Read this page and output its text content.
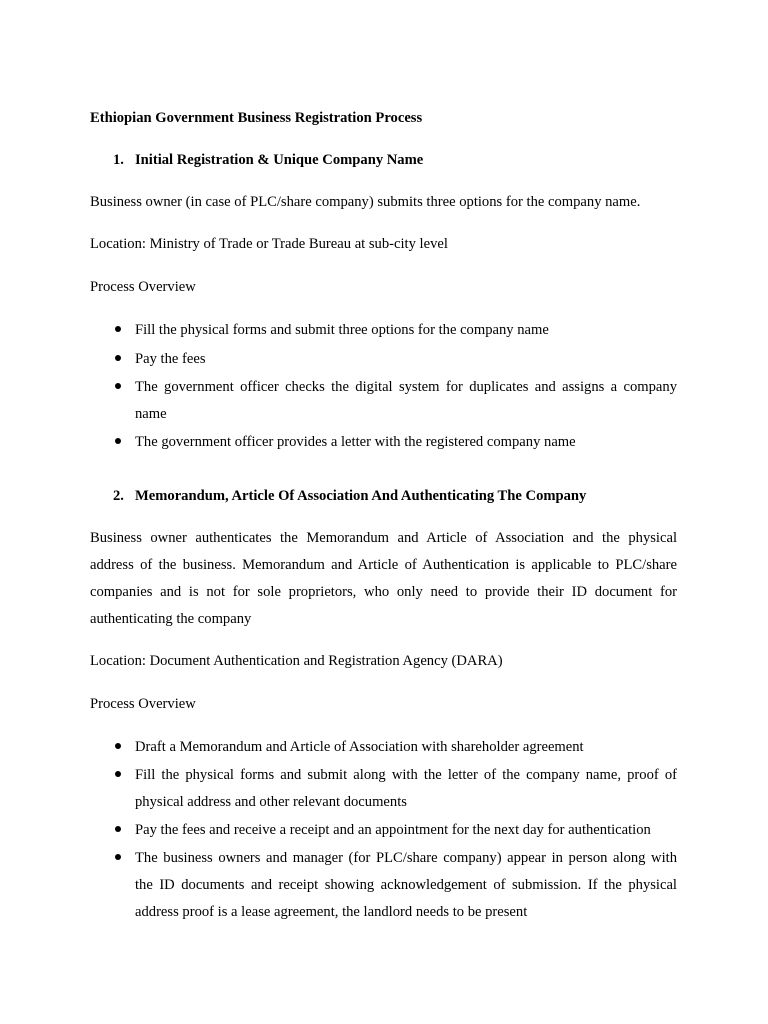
Ethiopian Government Business Registration Process
1. Initial Registration & Unique Company Name
Business owner (in case of PLC/share company) submits three options for the company name.
Location: Ministry of Trade or Trade Bureau at sub-city level
Process Overview
Fill the physical forms and submit three options for the company name
Pay the fees
The government officer checks the digital system for duplicates and assigns a company
name
The government officer provides a letter with the registered company name
2. Memorandum, Article Of Association And Authenticating The Company
Business owner authenticates the Memorandum and Article of Association and the physical
address of the business. Memorandum and Article of Authentication is applicable to PLC/share
companies and is not for sole proprietors, who only need to provide their ID document for
authenticating the company
Location: Document Authentication and Registration Agency (DARA)
Process Overview
Draft a Memorandum and Article of Association with shareholder agreement
Fill the physical forms and submit along with the letter of the company name, proof of
physical address and other relevant documents
Pay the fees and receive a receipt and an appointment for the next day for authentication
The business owners and manager (for PLC/share company) appear in person along with
the ID documents and receipt showing acknowledgement of submission. If the physical
address proof is a lease agreement, the landlord needs to be present
